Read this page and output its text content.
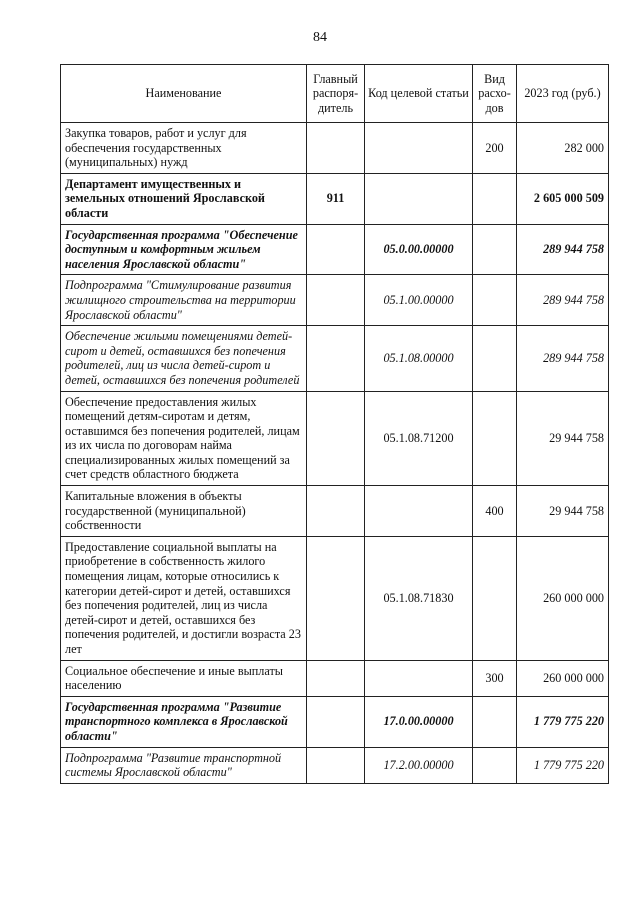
84
Наименование	Главный распоря-дитель	Код целевой статьи	Вид расхо-дов	2023 год (руб.)
Закупка товаров, работ и услуг для обеспечения государственных (муниципальных) нужд			200	282 000
Департамент имущественных и земельных отношений Ярославской области	911			2 605 000 509
Государственная программа "Обеспечение доступным и комфортным жильем населения Ярославской области"		05.0.00.00000		289 944 758
Подпрограмма "Стимулирование развития жилищного строительства на территории Ярославской области"		05.1.00.00000		289 944 758
Обеспечение жилыми помещениями детей-сирот и детей, оставшихся без попечения родителей, лиц из числа детей-сирот и детей, оставшихся без попечения родителей		05.1.08.00000		289 944 758
Обеспечение предоставления жилых помещений детям-сиротам и детям, оставшимся без попечения родителей, лицам из их числа по договорам найма специализированных жилых помещений за счет средств областного бюджета		05.1.08.71200		29 944 758
Капитальные вложения в объекты государственной (муниципальной) собственности			400	29 944 758
Предоставление социальной выплаты на приобретение в собственность жилого помещения лицам, которые относились к категории детей-сирот и детей, оставшихся без попечения родителей, лиц из числа детей-сирот и детей, оставшихся без попечения родителей, и достигли возраста 23 лет		05.1.08.71830		260 000 000
Социальное обеспечение и иные выплаты населению			300	260 000 000
Государственная программа "Развитие транспортного комплекса в Ярославской области"		17.0.00.00000		1 779 775 220
Подпрограмма "Развитие транспортной системы Ярославской области"		17.2.00.00000		1 779 775 220
